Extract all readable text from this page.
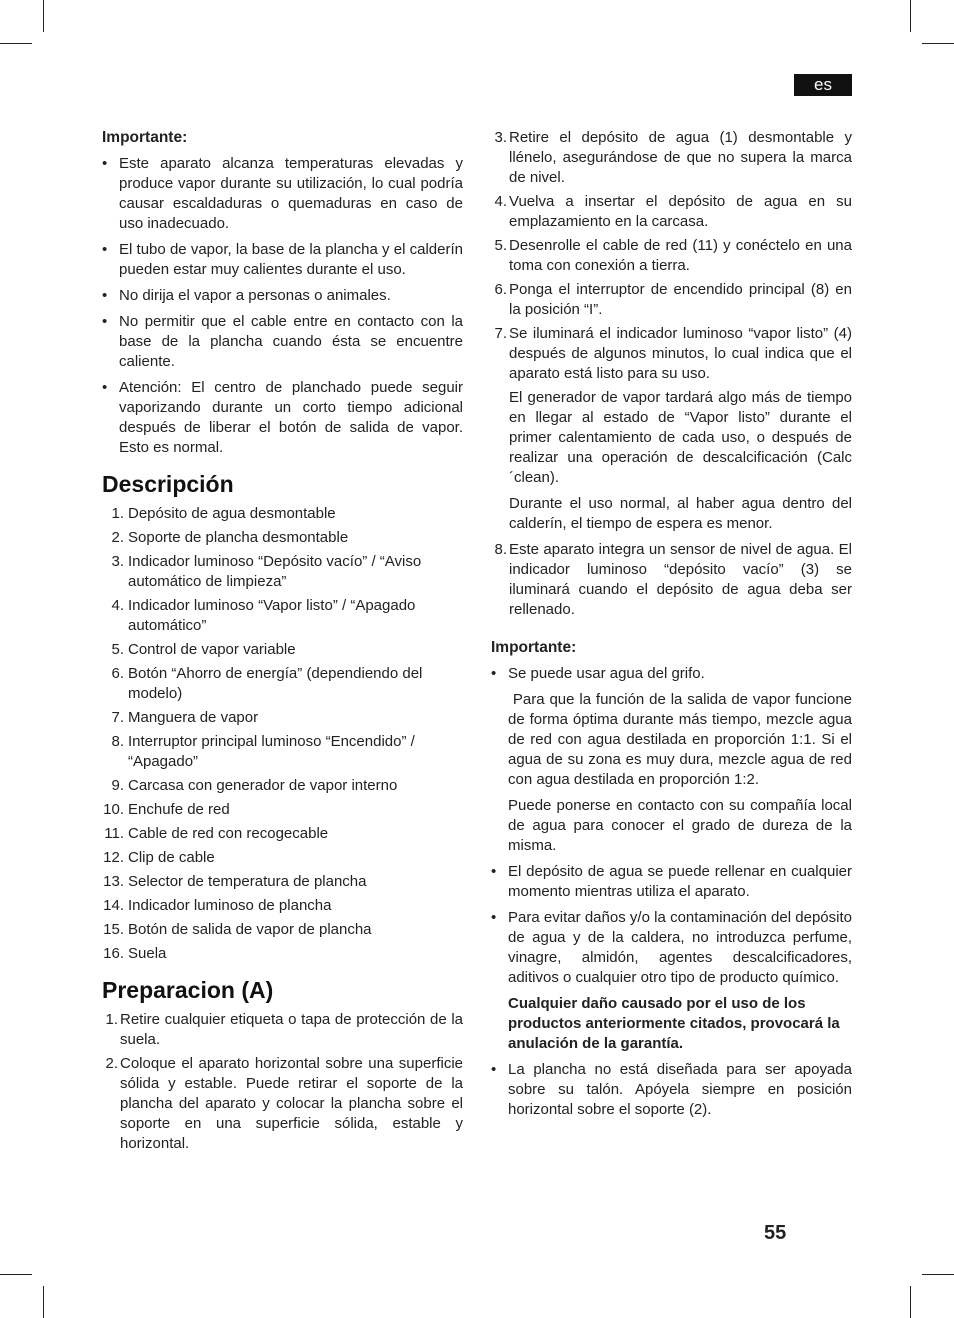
es
Importante:
• Este aparato alcanza temperaturas elevadas y produce vapor durante su utilización, lo cual podría causar escaldaduras o quemaduras en caso de uso inadecuado.
• El tubo de vapor, la base de la plancha y el calderín pueden estar muy calientes durante el uso.
• No dirija el vapor a personas o animales.
• No permitir que el cable entre en contacto con la base de la plancha cuando ésta se encuentre caliente.
• Atención: El centro de planchado puede seguir vaporizando durante un corto tiempo adicional después de liberar el botón de salida de vapor. Esto es normal.
Descripción
1. Depósito de agua desmontable
2. Soporte de plancha desmontable
3. Indicador luminoso “Depósito vacío” / “Aviso automático de limpieza”
4. Indicador luminoso “Vapor listo” / “Apagado automático”
5. Control de vapor variable
6. Botón “Ahorro de energía” (dependiendo del modelo)
7. Manguera de vapor
8. Interruptor principal luminoso “Encendido” / “Apagado”
9. Carcasa con generador de vapor interno
10. Enchufe de red
11. Cable de red con recogecable
12. Clip de cable
13. Selector de temperatura de plancha
14. Indicador luminoso de plancha
15. Botón de salida de vapor de plancha
16. Suela
Preparacion (A)
1. Retire cualquier etiqueta o tapa de protección de la suela.
2. Coloque el aparato horizontal sobre una superficie sólida y estable. Puede retirar el soporte de la plancha del aparato y colocar la plancha sobre el soporte en una superficie sólida, estable y horizontal.
3. Retire el depósito de agua (1) desmontable y llénelo, asegurándose de que no supera la marca de nivel.
4. Vuelva a insertar el depósito de agua en su emplazamiento en la carcasa.
5. Desenrolle el cable de red (11) y conéctelo en una toma con conexión a tierra.
6. Ponga el interruptor de encendido principal (8) en la posición “I”.
7. Se iluminará el indicador luminoso “vapor listo” (4) después de algunos minutos, lo cual indica que el aparato está listo para su uso.

El generador de vapor tardará algo más de tiempo en llegar al estado de “Vapor listo” durante el primer calentamiento de cada uso, o después de realizar una operación de descalcificación (Calc´clean).

Durante el uso normal, al haber agua dentro del calderín, el tiempo de espera es menor.

8. Este aparato integra un sensor de nivel de agua. El indicador luminoso “depósito vacío” (3) se iluminará cuando el depósito de agua deba ser rellenado.
Importante:
• Se puede usar agua del grifo.

Para que la función de la salida de vapor funcione de forma óptima durante más tiempo, mezcle agua de red con agua destilada en proporción 1:1. Si el agua de su zona es muy dura, mezcle agua de red con agua destilada en proporción 1:2.

Puede ponerse en contacto con su compañía local de agua para conocer el grado de dureza de la misma.

• El depósito de agua se puede rellenar en cualquier momento mientras utiliza el aparato.
• Para evitar daños y/o la contaminación del depósito de agua y de la caldera, no introduzca perfume, vinagre, almidón, agentes descalcificadores, aditivos o cualquier otro tipo de producto químico.

Cualquier daño causado por el uso de los productos anteriormente citados, provocará la anulación de la garantía.

• La plancha no está diseñada para ser apoyada sobre su talón. Apóyela siempre en posición horizontal sobre el soporte (2).
55
